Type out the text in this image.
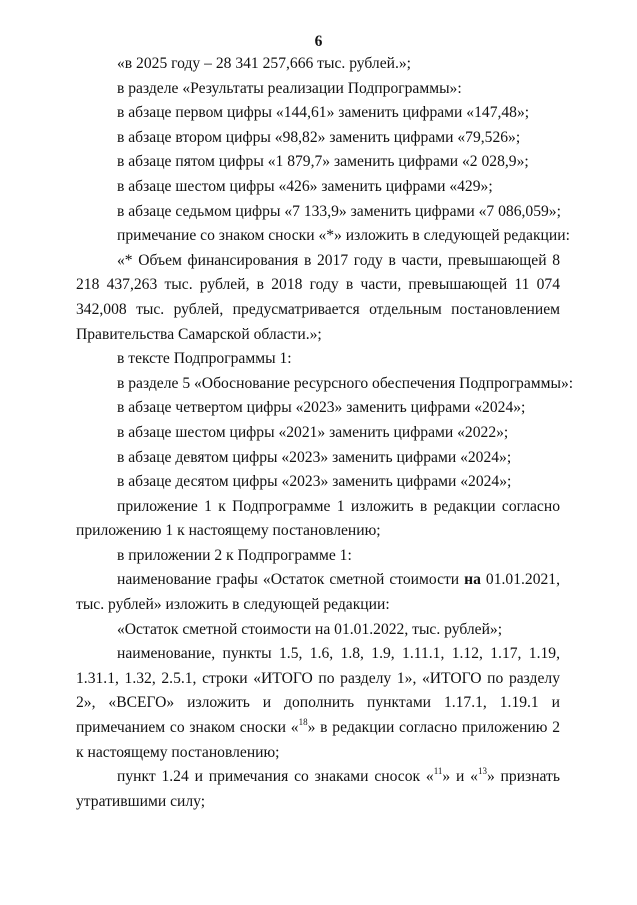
6

«в 2025 году – 28 341 257,666 тыс. рублей.»;

в разделе «Результаты реализации Подпрограммы»:

в абзаце первом цифры «144,61» заменить цифрами «147,48»;

в абзаце втором цифры «98,82» заменить цифрами «79,526»;

в абзаце пятом цифры «1 879,7» заменить цифрами «2 028,9»;

в абзаце шестом цифры «426» заменить цифрами «429»;

в абзаце седьмом цифры «7 133,9» заменить цифрами «7 086,059»;

примечание со знаком сноски «*» изложить в следующей редакции:

«* Объем финансирования в 2017 году в части, превышающей 8 218 437,263 тыс. рублей, в 2018 году в части, превышающей 11 074 342,008 тыс. рублей, предусматривается отдельным постановлением Правительства Самарской области.»;

в тексте Подпрограммы 1:

в разделе 5 «Обоснование ресурсного обеспечения Подпрограммы»:

в абзаце четвертом цифры «2023» заменить цифрами «2024»;

в абзаце шестом цифры «2021» заменить цифрами «2022»;

в абзаце девятом цифры «2023» заменить цифрами «2024»;

в абзаце десятом цифры «2023» заменить цифрами «2024»;

приложение 1 к Подпрограмме 1 изложить в редакции согласно приложению 1 к настоящему постановлению;

в приложении 2 к Подпрограмме 1:

наименование графы «Остаток сметной стоимости на 01.01.2021, тыс. рублей» изложить в следующей редакции:

«Остаток сметной стоимости на 01.01.2022, тыс. рублей»;

наименование, пункты 1.5, 1.6, 1.8, 1.9, 1.11.1, 1.12, 1.17, 1.19, 1.31.1, 1.32, 2.5.1, строки «ИТОГО по разделу 1», «ИТОГО по разделу 2», «ВСЕГО» изложить и дополнить пунктами 1.17.1, 1.19.1 и примечанием со знаком сноски «$^{18}$» в редакции согласно приложению 2 к настоящему постановлению;

пункт 1.24 и примечания со знаками сносок «$^{11}$» и «$^{13}$» признать утратившими силу;
